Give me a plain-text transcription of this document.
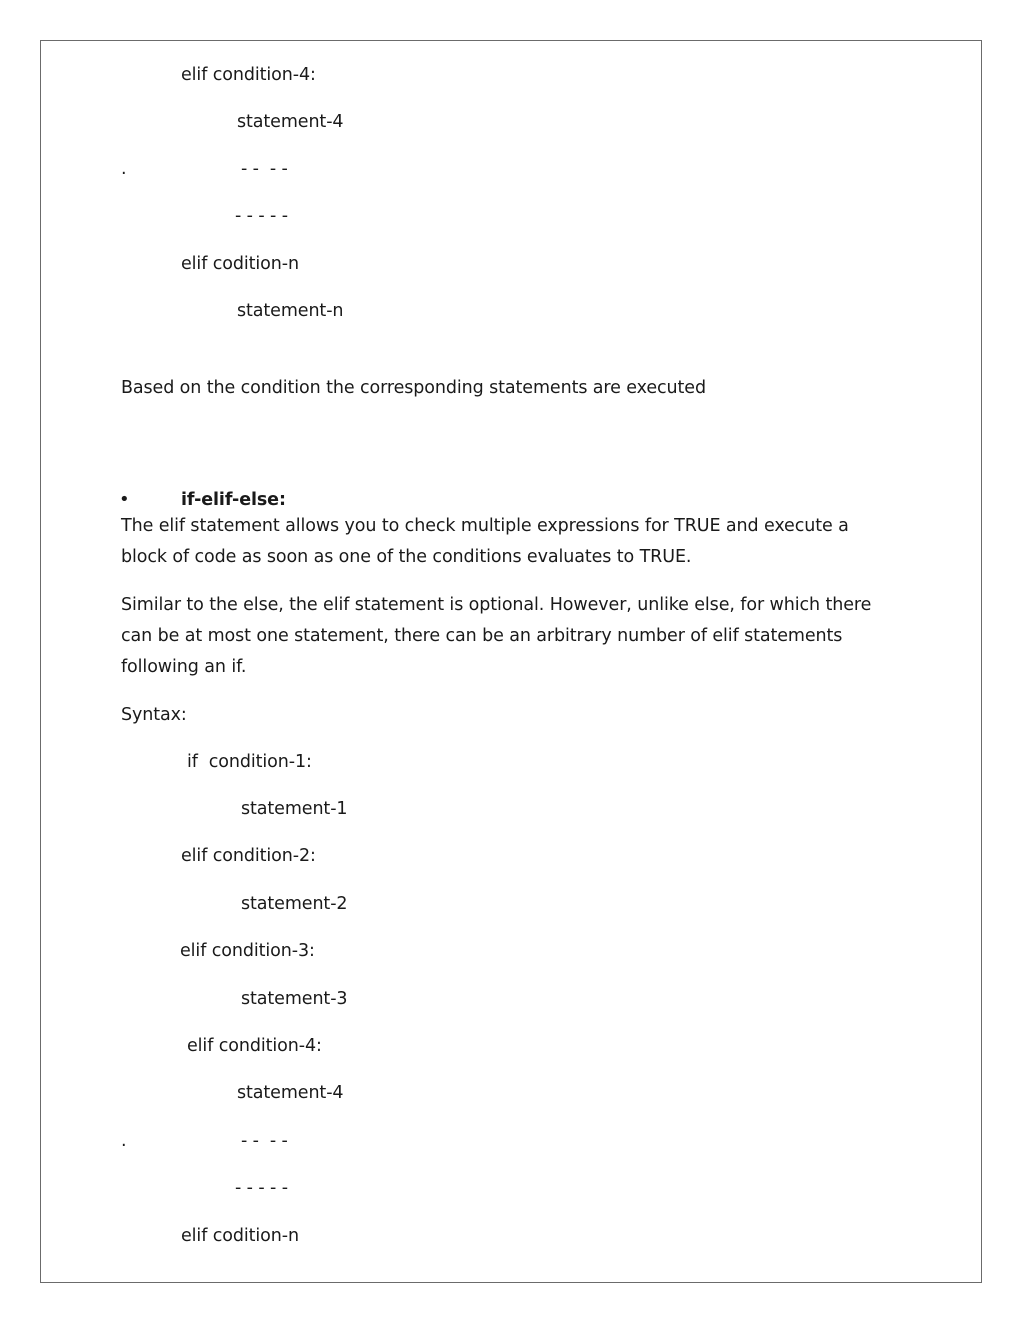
elif condition-4:
statement-4
.	- -  - -
- - - - -
elif codition-n
statement-n
Based on the condition the corresponding statements are executed
•	if-elif-else:
The elif statement allows you to check multiple expressions for TRUE and execute a block of code as soon as one of the conditions evaluates to TRUE.
Similar to the else, the elif statement is optional. However, unlike else, for which there can be at most one statement, there can be an arbitrary number of elif statements following an if.
Syntax:
if  condition-1:
statement-1
elif condition-2:
statement-2
elif condition-3:
statement-3
elif condition-4:
statement-4
.	- -  - -
- - - - -
elif codition-n
